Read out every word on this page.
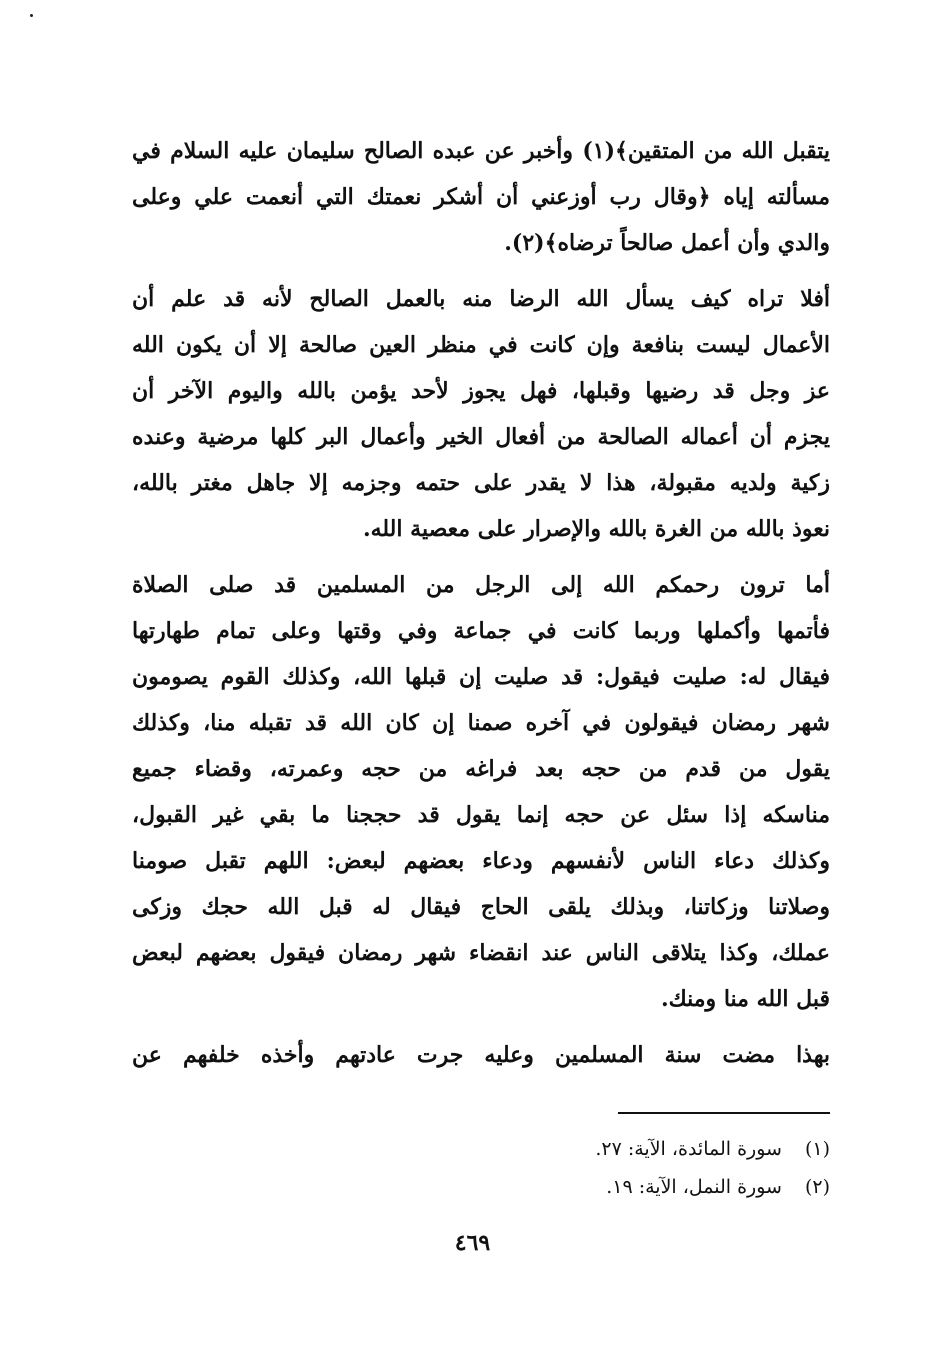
يتقبل الله من المتقين﴾(١) وأخبر عن عبده الصالح سليمان عليه السلام في
مسألته إياه ﴿وقال رب أوزعني أن أشكر نعمتك التي أنعمت علي وعلى
والدي وأن أعمل صالحاً ترضاه﴾(٢).

أفلا تراه كيف يسأل الله الرضا منه بالعمل الصالح لأنه قد علم أن
الأعمال ليست بنافعة وإن كانت في منظر العين صالحة إلا أن يكون الله
عز وجل قد رضيها وقبلها، فهل يجوز لأحد يؤمن بالله واليوم الآخر أن
يجزم أن أعماله الصالحة من أفعال الخير وأعمال البر كلها مرضية وعنده
زكية ولديه مقبولة، هذا لا يقدر على حتمه وجزمه إلا جاهل مغتر بالله،
نعوذ بالله من الغرة بالله والإصرار على معصية الله.

أما ترون رحمكم الله إلى الرجل من المسلمين قد صلى الصلاة
فأتمها وأكملها وربما كانت في جماعة وفي وقتها وعلى تمام طهارتها
فيقال له: صليت فيقول: قد صليت إن قبلها الله، وكذلك القوم يصومون
شهر رمضان فيقولون في آخره صمنا إن كان الله قد تقبله منا، وكذلك
يقول من قدم من حجه بعد فراغه من حجه وعمرته، وقضاء جميع
مناسكه إذا سئل عن حجه إنما يقول قد حججنا ما بقي غير القبول،
وكذلك دعاء الناس لأنفسهم ودعاء بعضهم لبعض: اللهم تقبل صومنا
وصلاتنا وزكاتنا، وبذلك يلقى الحاج فيقال له قبل الله حجك وزكى
عملك، وكذا يتلاقى الناس عند انقضاء شهر رمضان فيقول بعضهم لبعض
قبل الله منا ومنك.

بهذا مضت سنة المسلمين وعليه جرت عادتهم وأخذه خلفهم عن

(١) سورة المائدة، الآية: ٢٧.
(٢) سورة النمل، الآية: ١٩.
٤٦٩
